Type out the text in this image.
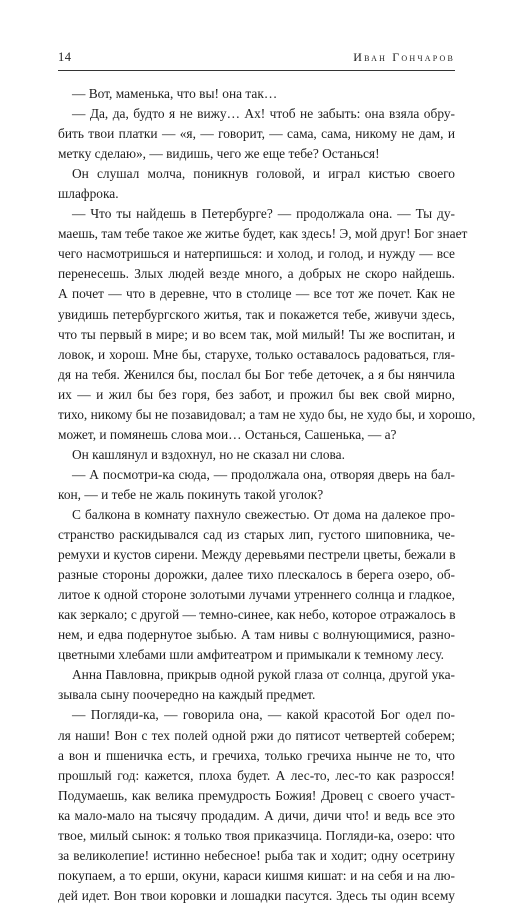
14	Иван Гончаров
— Вот, маменька, что вы! она так…
— Да, да, будто я не вижу… Ах! чтоб не забыть: она взяла обру-
бить твои платки — «я, — говорит, — сама, сама, никому не дам, и
метку сделаю», — видишь, чего же еще тебе? Останься!
Он слушал молча, поникнув головой, и играл кистью своего
шлафрока.
— Что ты найдешь в Петербурге? — продолжала она. — Ты ду-
маешь, там тебе такое же житье будет, как здесь! Э, мой друг! Бог знает
чего насмотришься и натерпишься: и холод, и голод, и нужду — все
перенесешь. Злых людей везде много, а добрых не скоро найдешь.
А почет — что в деревне, что в столице — все тот же почет. Как не
увидишь петербургского житья, так и покажется тебе, живучи здесь,
что ты первый в мире; и во всем так, мой милый! Ты же воспитан, и
ловок, и хорош. Мне бы, старухе, только оставалось радоваться, гля-
дя на тебя. Женился бы, послал бы Бог тебе деточек, а я бы нянчила
их — и жил бы без горя, без забот, и прожил бы век свой мирно,
тихо, никому бы не позавидовал; а там не худо бы, не худо бы, и хорошо,
может, и помянешь слова мои… Останься, Сашенька, — а?
Он кашлянул и вздохнул, но не сказал ни слова.
— А посмотри-ка сюда, — продолжала она, отворяя дверь на бал-
кон, — и тебе не жаль покинуть такой уголок?
С балкона в комнату пахнуло свежестью. От дома на далекое про-
странство раскидывался сад из старых лип, густого шиповника, че-
ремухи и кустов сирени. Между деревьями пестрели цветы, бежали в
разные стороны дорожки, далее тихо плескалось в берега озеро, об-
литое к одной стороне золотыми лучами утреннего солнца и гладкое,
как зеркало; с другой — темно-синее, как небо, которое отражалось в
нем, и едва подернутое зыбью. А там нивы с волнующимися, разно-
цветными хлебами шли амфитеатром и примыкали к темному лесу.
Анна Павловна, прикрыв одной рукой глаза от солнца, другой ука-
зывала сыну поочередно на каждый предмет.
— Погляди-ка, — говорила она, — какой красотой Бог одел по-
ля наши! Вон с тех полей одной ржи до пятисот четвертей соберем;
а вон и пшеничка есть, и гречиха, только гречиха нынче не то, что
прошлый год: кажется, плоха будет. А лес-то, лес-то как разросся!
Подумаешь, как велика премудрость Божия! Дровец с своего участ-
ка мало-мало на тысячу продадим. А дичи, дичи что! и ведь все это
твое, милый сынок: я только твоя приказчица. Погляди-ка, озеро: что
за великолепие! истинно небесное! рыба так и ходит; одну осетрину
покупаем, а то ерши, окуни, караси кишмя кишат: и на себя и на лю-
дей идет. Вон твои коровки и лошадки пасутся. Здесь ты один всему
